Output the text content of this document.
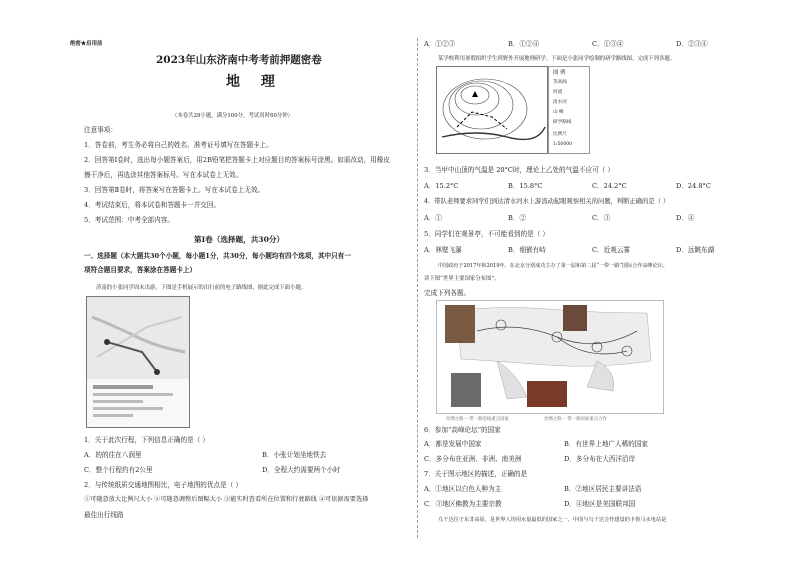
绝密★启用前
2023年山东济南中考考前押题密卷
地 理
（本卷共29小题，满分100分，考试用时60分钟）
注意事项：
1．答卷前，考生务必将自己的姓名、准考证号填写在答题卡上。
2．回答第Ⅰ卷时，选出每小题答案后，用2B铅笔把答题卡上对应题目的答案标号涂黑。如需改动，用橡皮
擦干净后，再选涂其他答案标号。写在本试卷上无效。
3．回答第Ⅱ卷时，将答案写在答题卡上。写在本试卷上无效。
4．考试结束后，将本试卷和答题卡一并交回。
5．考试范围：中考全部内容。
第Ⅰ卷（选择题，共30分）
一、选择题（本大题共30个小题，每小题1分，共30分，每小题均有四个选项，其中只有一
项符合题目要求，答案涂在答题卡上）
济南的小张同学周末出游，下图是手机展示的出行前的电子路线图，据此完成下面小题。
1．关于此次行程，下列信息正确的是（ ）
A．的的往在八润里	B．小张计划坐地铁去
C．整个行程约有2公里	D．全程大约需要两个小时
2．与传统纸质交通地图相比，电子地图的优点是（ ）
①可随意放大比例尺大小 ②可随意调整后图幅大小 ③能实时查看所在位置和行驶路线 ④可依据需要选择
最佳出行线路
A．①②③	B．①②④	C．①③④	D．②③④
某学校利用暑假组织学生到野外开展地理研学。下面是小张同学绘制的研学路线图，完成下列各题。
图 例
等高线
河流
清水河
山 峰
研学路线
比例尺
1:50000
3．当甲中山顶的气温是 20°C时，理论上乙处的气温不应可（ ）
A．15.2°C	B．15.8°C	C．24.2°C	D．24.8°C
4．带队老师要求同学们到达清水河水上游流动起眼观察相关的问题，判断正确的是（ ）
A．①	B．②	C．③	D．④
5．同学们在观景亭，不可能看到的是（ ）
A．林壁飞瀑	B．细嵌有峙	C．近观云雾	D．远眺东湖
中国政府于2017年和2019年，在北京分别成功主办了第一届和第二届“一带一路”国际合作高峰论坛。
读下图“世界主要国家分布图”。
完成下列各题。
丝绸之路·一带一路沿线重点国家	丝绸之路·一带一路国家重点合作
6．参加“高峰论坛”的国家
A．都是发展中国家	B．有世界上地广人稀的国家
C．多分布在亚洲、非洲、南美洲	D．多分布在大西洋沿岸
7．关于图示地区的描述，正确的是
A．①地区以白色人种为主	B．②地区居民主要讲法语
C．③地区佛教为主要宗教	D．④地区是美国联邦国
乌干达位于东非高原，是世界人均用水量最低的国家之一，中国与乌干达合作建设的卡鲁马水电站是
